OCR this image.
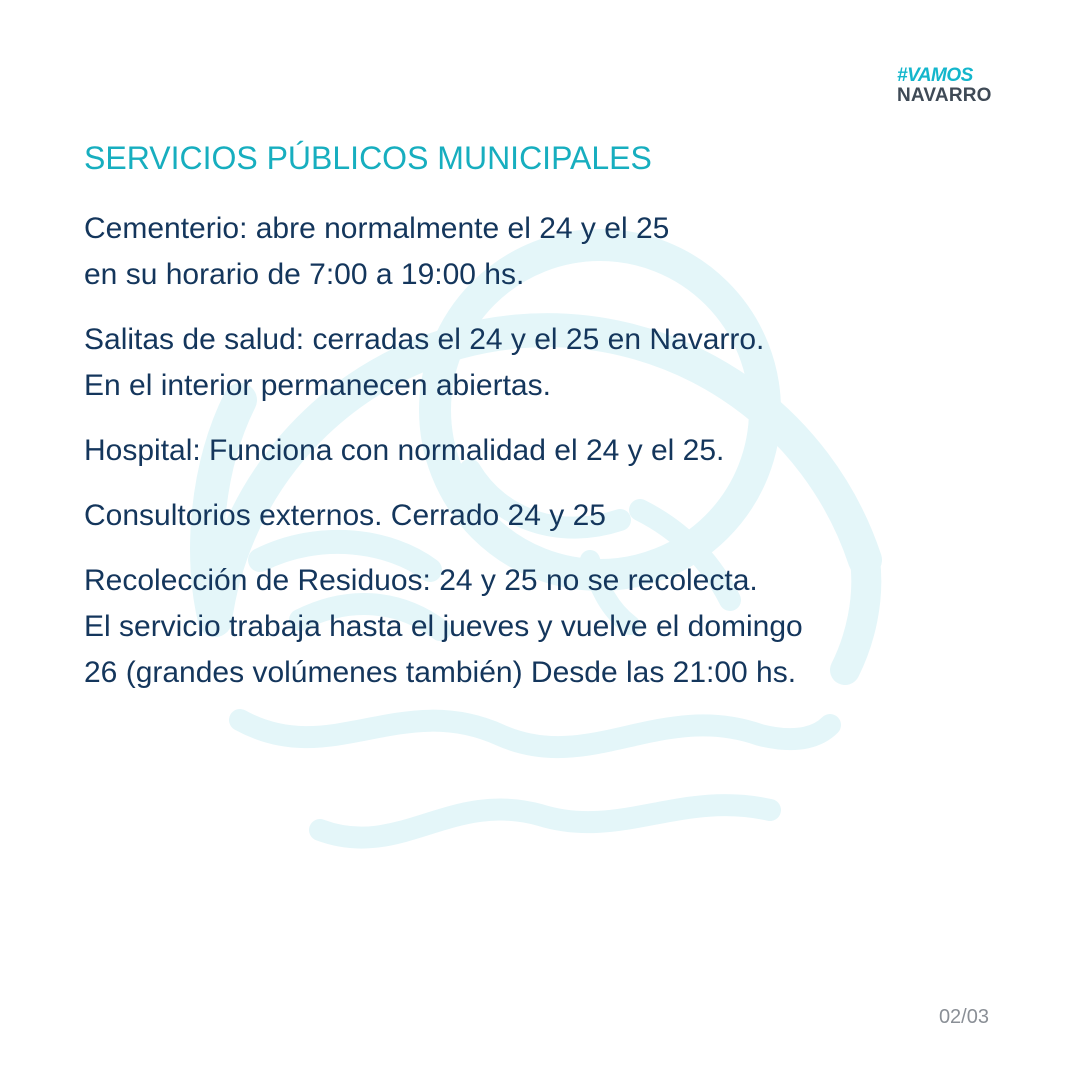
#VAMOS
NAVARRO
SERVICIOS PÚBLICOS MUNICIPALES

Cementerio: abre normalmente el 24 y el 25
en su horario de 7:00 a 19:00 hs.

Salitas de salud: cerradas el 24 y el 25 en Navarro.
En el interior permanecen abiertas.

Hospital: Funciona con normalidad el 24 y el 25.

Consultorios externos. Cerrado 24 y 25

Recolección de Residuos: 24 y 25 no se recolecta.
El servicio trabaja hasta el jueves y vuelve el domingo
26 (grandes volúmenes también) Desde las 21:00 hs.

02/03
